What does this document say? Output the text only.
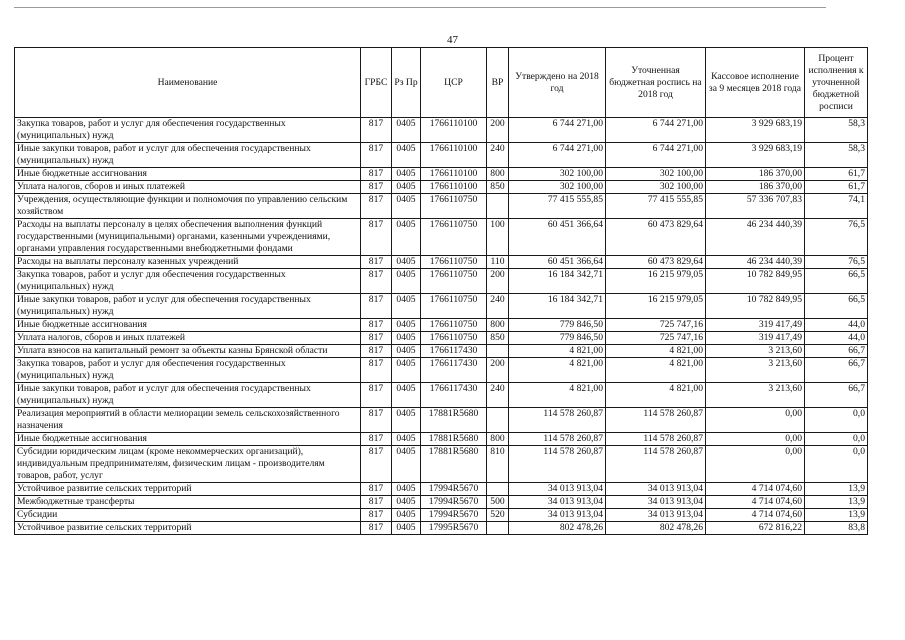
47
Наименование	ГРБС	Рз Пр	ЦСР	ВР	Утверждено на 2018 год	Уточненная бюджетная роспись на 2018 год	Кассовое исполнение за 9 месяцев 2018 года	Процент исполнения к уточненной бюджетной росписи
Закупка товаров, работ и услуг для обеспечения государственных (муниципальных) нужд	817	0405	1766110100	200	6 744 271,00	6 744 271,00	3 929 683,19	58,3
Иные закупки товаров, работ и услуг для обеспечения государственных (муниципальных) нужд	817	0405	1766110100	240	6 744 271,00	6 744 271,00	3 929 683,19	58,3
Иные бюджетные ассигнования	817	0405	1766110100	800	302 100,00	302 100,00	186 370,00	61,7
Уплата налогов, сборов и иных платежей	817	0405	1766110100	850	302 100,00	302 100,00	186 370,00	61,7
Учреждения, осуществляющие функции и полномочия по управлению сельским хозяйством	817	0405	1766110750		77 415 555,85	77 415 555,85	57 336 707,83	74,1
Расходы на выплаты персоналу в целях обеспечения выполнения функций государственными (муниципальными) органами, казенными учреждениями, органами управления государственными внебюджетными фондами	817	0405	1766110750	100	60 451 366,64	60 473 829,64	46 234 440,39	76,5
Расходы на выплаты персоналу казенных учреждений	817	0405	1766110750	110	60 451 366,64	60 473 829,64	46 234 440,39	76,5
Закупка товаров, работ и услуг для обеспечения государственных (муниципальных) нужд	817	0405	1766110750	200	16 184 342,71	16 215 979,05	10 782 849,95	66,5
Иные закупки товаров, работ и услуг для обеспечения государственных (муниципальных) нужд	817	0405	1766110750	240	16 184 342,71	16 215 979,05	10 782 849,95	66,5
Иные бюджетные ассигнования	817	0405	1766110750	800	779 846,50	725 747,16	319 417,49	44,0
Уплата налогов, сборов и иных платежей	817	0405	1766110750	850	779 846,50	725 747,16	319 417,49	44,0
Уплата взносов на капитальный ремонт за объекты казны Брянской области	817	0405	1766117430		4 821,00	4 821,00	3 213,60	66,7
Закупка товаров, работ и услуг для обеспечения государственных (муниципальных) нужд	817	0405	1766117430	200	4 821,00	4 821,00	3 213,60	66,7
Иные закупки товаров, работ и услуг для обеспечения государственных (муниципальных) нужд	817	0405	1766117430	240	4 821,00	4 821,00	3 213,60	66,7
Реализация мероприятий в области мелиорации земель сельскохозяйственного назначения	817	0405	17881R5680		114 578 260,87	114 578 260,87	0,00	0,0
Иные бюджетные ассигнования	817	0405	17881R5680	800	114 578 260,87	114 578 260,87	0,00	0,0
Субсидии юридическим лицам (кроме некоммерческих организаций), индивидуальным предпринимателям, физическим лицам - производителям товаров, работ, услуг	817	0405	17881R5680	810	114 578 260,87	114 578 260,87	0,00	0,0
Устойчивое развитие сельских территорий	817	0405	17994R5670		34 013 913,04	34 013 913,04	4 714 074,60	13,9
Межбюджетные трансферты	817	0405	17994R5670	500	34 013 913,04	34 013 913,04	4 714 074,60	13,9
Субсидии	817	0405	17994R5670	520	34 013 913,04	34 013 913,04	4 714 074,60	13,9
Устойчивое развитие сельских территорий	817	0405	17995R5670		802 478,26	802 478,26	672 816,22	83,8
